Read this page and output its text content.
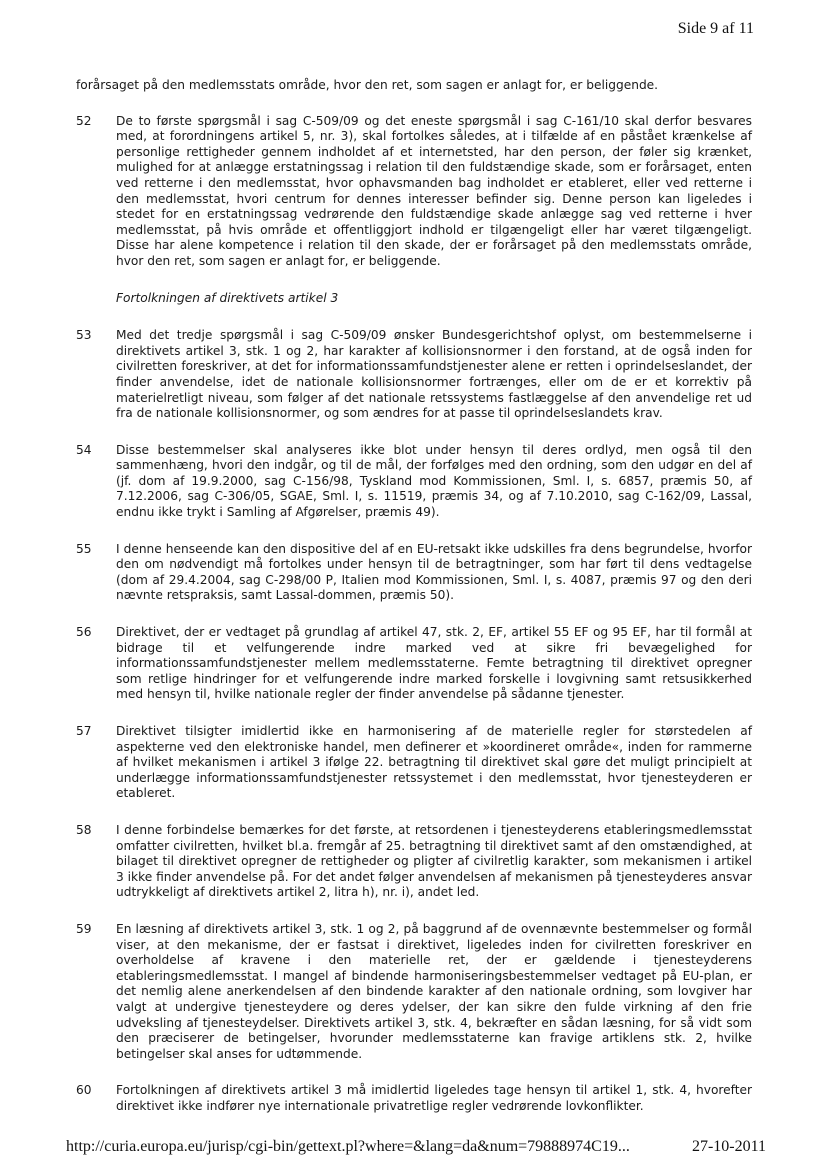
Side 9 af 11

forårsaget på den medlemsstats område, hvor den ret, som sagen er anlagt for, er beliggende.

52	De to første spørgsmål i sag C-509/09 og det eneste spørgsmål i sag C-161/10 skal derfor besvares med, at forordningens artikel 5, nr. 3), skal fortolkes således, at i tilfælde af en påstået krænkelse af personlige rettigheder gennem indholdet af et internetsted, har den person, der føler sig krænket, mulighed for at anlægge erstatningssag i relation til den fuldstændige skade, som er forårsaget, enten ved retterne i den medlemsstat, hvor ophavsmanden bag indholdet er etableret, eller ved retterne i den medlemsstat, hvori centrum for dennes interesser befinder sig. Denne person kan ligeledes i stedet for en erstatningssag vedrørende den fuldstændige skade anlægge sag ved retterne i hver medlemsstat, på hvis område et offentliggjort indhold er tilgængeligt eller har været tilgængeligt. Disse har alene kompetence i relation til den skade, der er forårsaget på den medlemsstats område, hvor den ret, som sagen er anlagt for, er beliggende.

Fortolkningen af direktivets artikel 3

53	Med det tredje spørgsmål i sag C-509/09 ønsker Bundesgerichtshof oplyst, om bestemmelserne i direktivets artikel 3, stk. 1 og 2, har karakter af kollisionsnormer i den forstand, at de også inden for civilretten foreskriver, at det for informationssamfundstjenester alene er retten i oprindelseslandet, der finder anvendelse, idet de nationale kollisionsnormer fortrænges, eller om de er et korrektiv på materielretligt niveau, som følger af det nationale retssystems fastlæggelse af den anvendelige ret ud fra de nationale kollisionsnormer, og som ændres for at passe til oprindelseslandets krav.
54	Disse bestemmelser skal analyseres ikke blot under hensyn til deres ordlyd, men også til den sammenhæng, hvori den indgår, og til de mål, der forfølges med den ordning, som den udgør en del af (jf. dom af 19.9.2000, sag C-156/98, Tyskland mod Kommissionen, Sml. I, s. 6857, præmis 50, af 7.12.2006, sag C-306/05, SGAE, Sml. I, s. 11519, præmis 34, og af 7.10.2010, sag C-162/09, Lassal, endnu ikke trykt i Samling af Afgørelser, præmis 49).
55	I denne henseende kan den dispositive del af en EU-retsakt ikke udskilles fra dens begrundelse, hvorfor den om nødvendigt må fortolkes under hensyn til de betragtninger, som har ført til dens vedtagelse (dom af 29.4.2004, sag C-298/00 P, Italien mod Kommissionen, Sml. I, s. 4087, præmis 97 og den deri nævnte retspraksis, samt Lassal-dommen, præmis 50).
56	Direktivet, der er vedtaget på grundlag af artikel 47, stk. 2, EF, artikel 55 EF og 95 EF, har til formål at bidrage til et velfungerende indre marked ved at sikre fri bevægelighed for informationssamfundstjenester mellem medlemsstaterne. Femte betragtning til direktivet opregner som retlige hindringer for et velfungerende indre marked forskelle i lovgivning samt retsusikkerhed med hensyn til, hvilke nationale regler der finder anvendelse på sådanne tjenester.
57	Direktivet tilsigter imidlertid ikke en harmonisering af de materielle regler for størstedelen af aspekterne ved den elektroniske handel, men definerer et »koordineret område«, inden for rammerne af hvilket mekanismen i artikel 3 ifølge 22. betragtning til direktivet skal gøre det muligt principielt at underlægge informationssamfundstjenester retssystemet i den medlemsstat, hvor tjenesteyderen er etableret.
58	I denne forbindelse bemærkes for det første, at retsordenen i tjenesteyderens etableringsmedlemsstat omfatter civilretten, hvilket bl.a. fremgår af 25. betragtning til direktivet samt af den omstændighed, at bilaget til direktivet opregner de rettigheder og pligter af civilretlig karakter, som mekanismen i artikel 3 ikke finder anvendelse på. For det andet følger anvendelsen af mekanismen på tjenesteyderes ansvar udtrykkeligt af direktivets artikel 2, litra h), nr. i), andet led.
59	En læsning af direktivets artikel 3, stk. 1 og 2, på baggrund af de ovennævnte bestemmelser og formål viser, at den mekanisme, der er fastsat i direktivet, ligeledes inden for civilretten foreskriver en overholdelse af kravene i den materielle ret, der er gældende i tjenesteyderens etableringsmedlemsstat. I mangel af bindende harmoniseringsbestemmelser vedtaget på EU-plan, er det nemlig alene anerkendelsen af den bindende karakter af den nationale ordning, som lovgiver har valgt at undergive tjenesteydere og deres ydelser, der kan sikre den fulde virkning af den frie udveksling af tjenesteydelser. Direktivets artikel 3, stk. 4, bekræfter en sådan læsning, for så vidt som den præciserer de betingelser, hvorunder medlemsstaterne kan fravige artiklens stk. 2, hvilke betingelser skal anses for udtømmende.
60	Fortolkningen af direktivets artikel 3 må imidlertid ligeledes tage hensyn til artikel 1, stk. 4, hvorefter direktivet ikke indfører nye internationale privatretlige regler vedrørende lovkonflikter.
http://curia.europa.eu/jurisp/cgi-bin/gettext.pl?where=&lang=da&num=79888974C19...	27-10-2011
